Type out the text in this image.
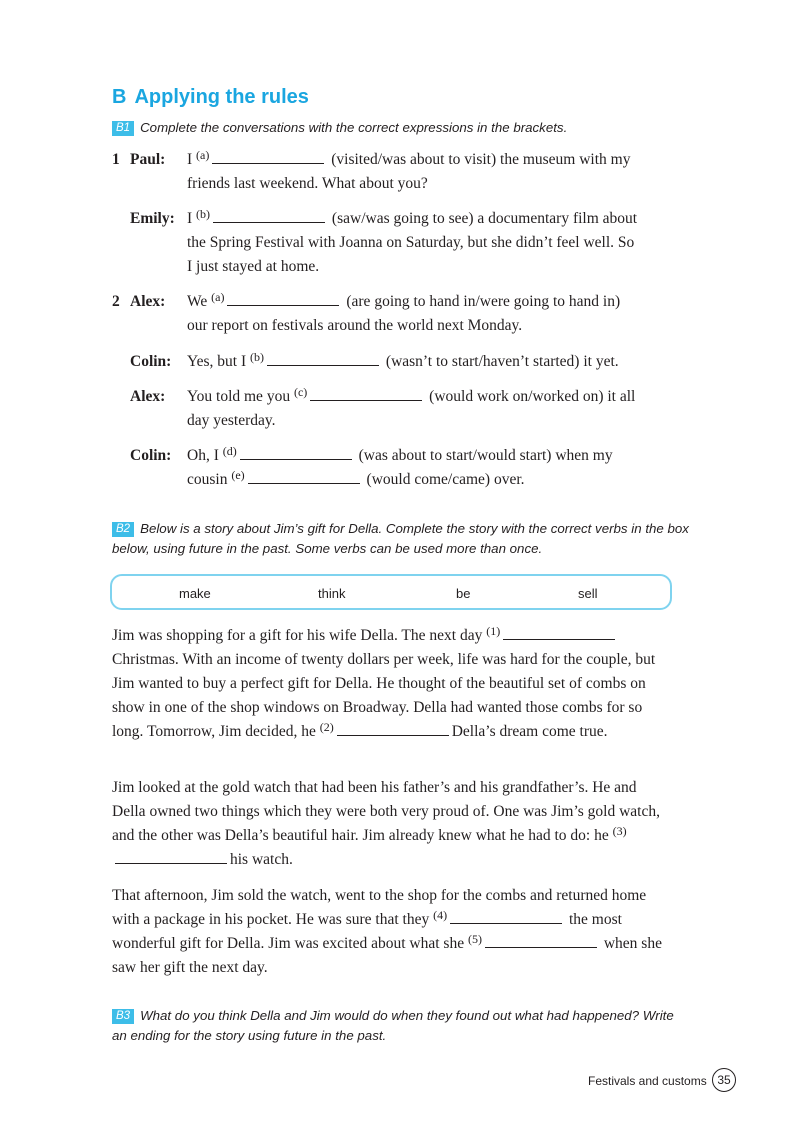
B Applying the rules
B1 Complete the conversations with the correct expressions in the brackets.
1 Paul: I $^{(a)}$	(visited/was about to visit) the museum with my
friends last weekend. What about you?
Emily: I $^{(b)}$	(saw/was going to see) a documentary film about
the Spring Festival with Joanna on Saturday, but she didn’t feel well. So
I just stayed at home.
2 Alex: We $^{(a)}$	(are going to hand in/were going to hand in)
our report on festivals around the world next Monday.
Colin: Yes, but I $^{(b)}$	(wasn’t to start/haven’t started) it yet.
Alex: You told me you $^{(c)}$	(would work on/worked on) it all
day yesterday.
Colin: Oh, I $^{(d)}$	(was about to start/would start) when my
cousin $^{(e)}$	(would come/came) over.
B2 Below is a story about Jim’s gift for Della. Complete the story with the correct verbs in the box below, using future in the past. Some verbs can be used more than once.
make	think	be	sell

Jim was shopping for a gift for his wife Della. The next day $^{(1)}$ Christmas. With an income of twenty dollars per week, life was hard for the couple, but Jim wanted to buy a perfect gift for Della. He thought of the beautiful set of combs on show in one of the shop windows on Broadway. Della had wanted those combs for so long. Tomorrow, Jim decided, he $^{(2)}$	Della’s dream come true.

Jim looked at the gold watch that had been his father’s and his grandfather’s. He and Della owned two things which they were both very proud of. One was Jim’s gold watch, and the other was Della’s beautiful hair. Jim already knew what he had to do: he $^{(3)}$his watch.

That afternoon, Jim sold the watch, went to the shop for the combs and returned home with a package in his pocket. He was sure that they $^{(4)}$	the most wonderful gift for Della. Jim was excited about what she $^{(5)}$	when she saw her gift the next day.

B3 What do you think Della and Jim would do when they found out what had happened? Write an ending for the story using future in the past.
Festivals and customs 35
